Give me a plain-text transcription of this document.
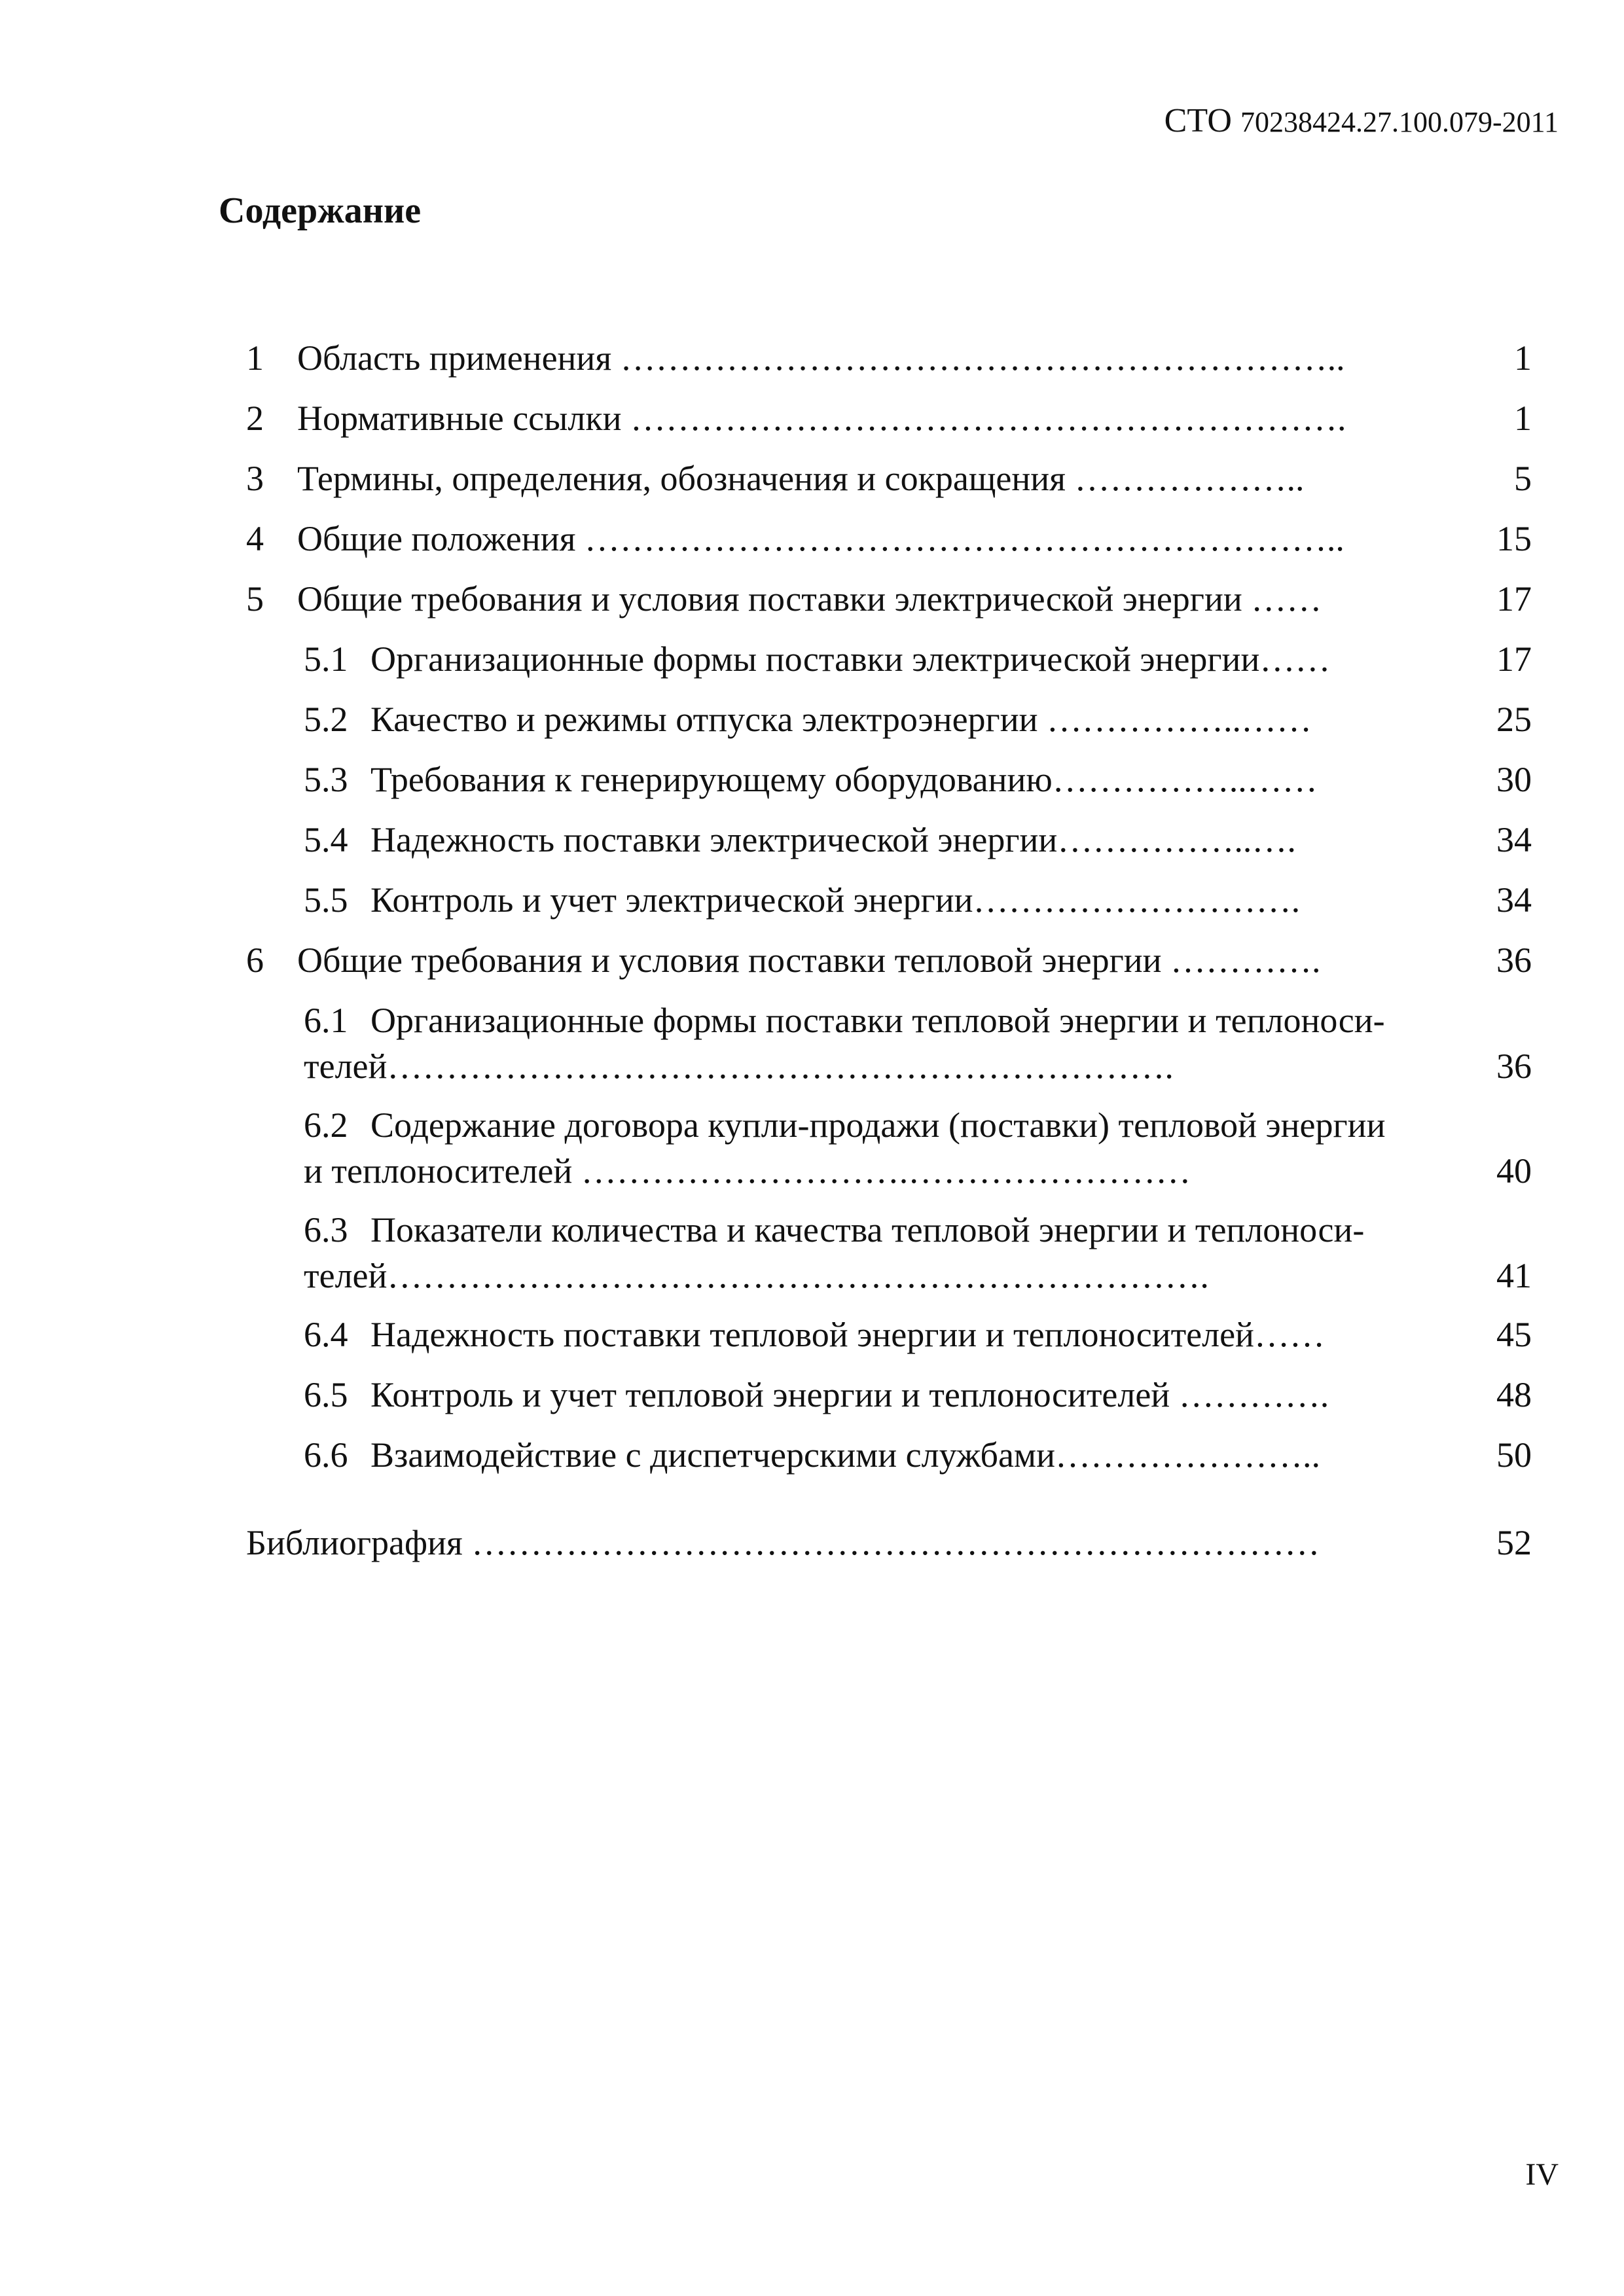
СТО 70238424.27.100.079-2011
Содержание
1 Область применения ……………………………………………………..	1
2 Нормативные ссылки …………………………………………………….	1
3 Термины, определения, обозначения и сокращения ………………..	5
4 Общие положения ………………………………………………………..	15
5 Общие требования и условия поставки электрической энергии ……	17
5.1 Организационные формы поставки электрической энергии……	17
5.2 Качество и режимы отпуска электроэнергии ……………..……	25
5.3 Требования к генерирующему оборудованию……………..……	30
5.4 Надежность поставки электрической энергии……………..….	34
5.5 Контроль и учет электрической энергии……………………….	34
6 Общие требования и условия поставки тепловой энергии ………….	36
6.1 Организационные формы поставки тепловой энергии и теплоноси-
телей………………………………………………………….	36
6.2 Содержание договора купли-продажи (поставки) тепловой энергии
и теплоносителей ……………………….……………………	40
6.3 Показатели количества и качества тепловой энергии и теплоноси-
телей…………………………………………………………….	41
6.4 Надежность поставки тепловой энергии и теплоносителей……	45
6.5 Контроль и учет тепловой энергии и теплоносителей ………….	48
6.6 Взаимодействие с диспетчерскими службами…………………..	50
Библиография ………………………………………………………………	52
IV
